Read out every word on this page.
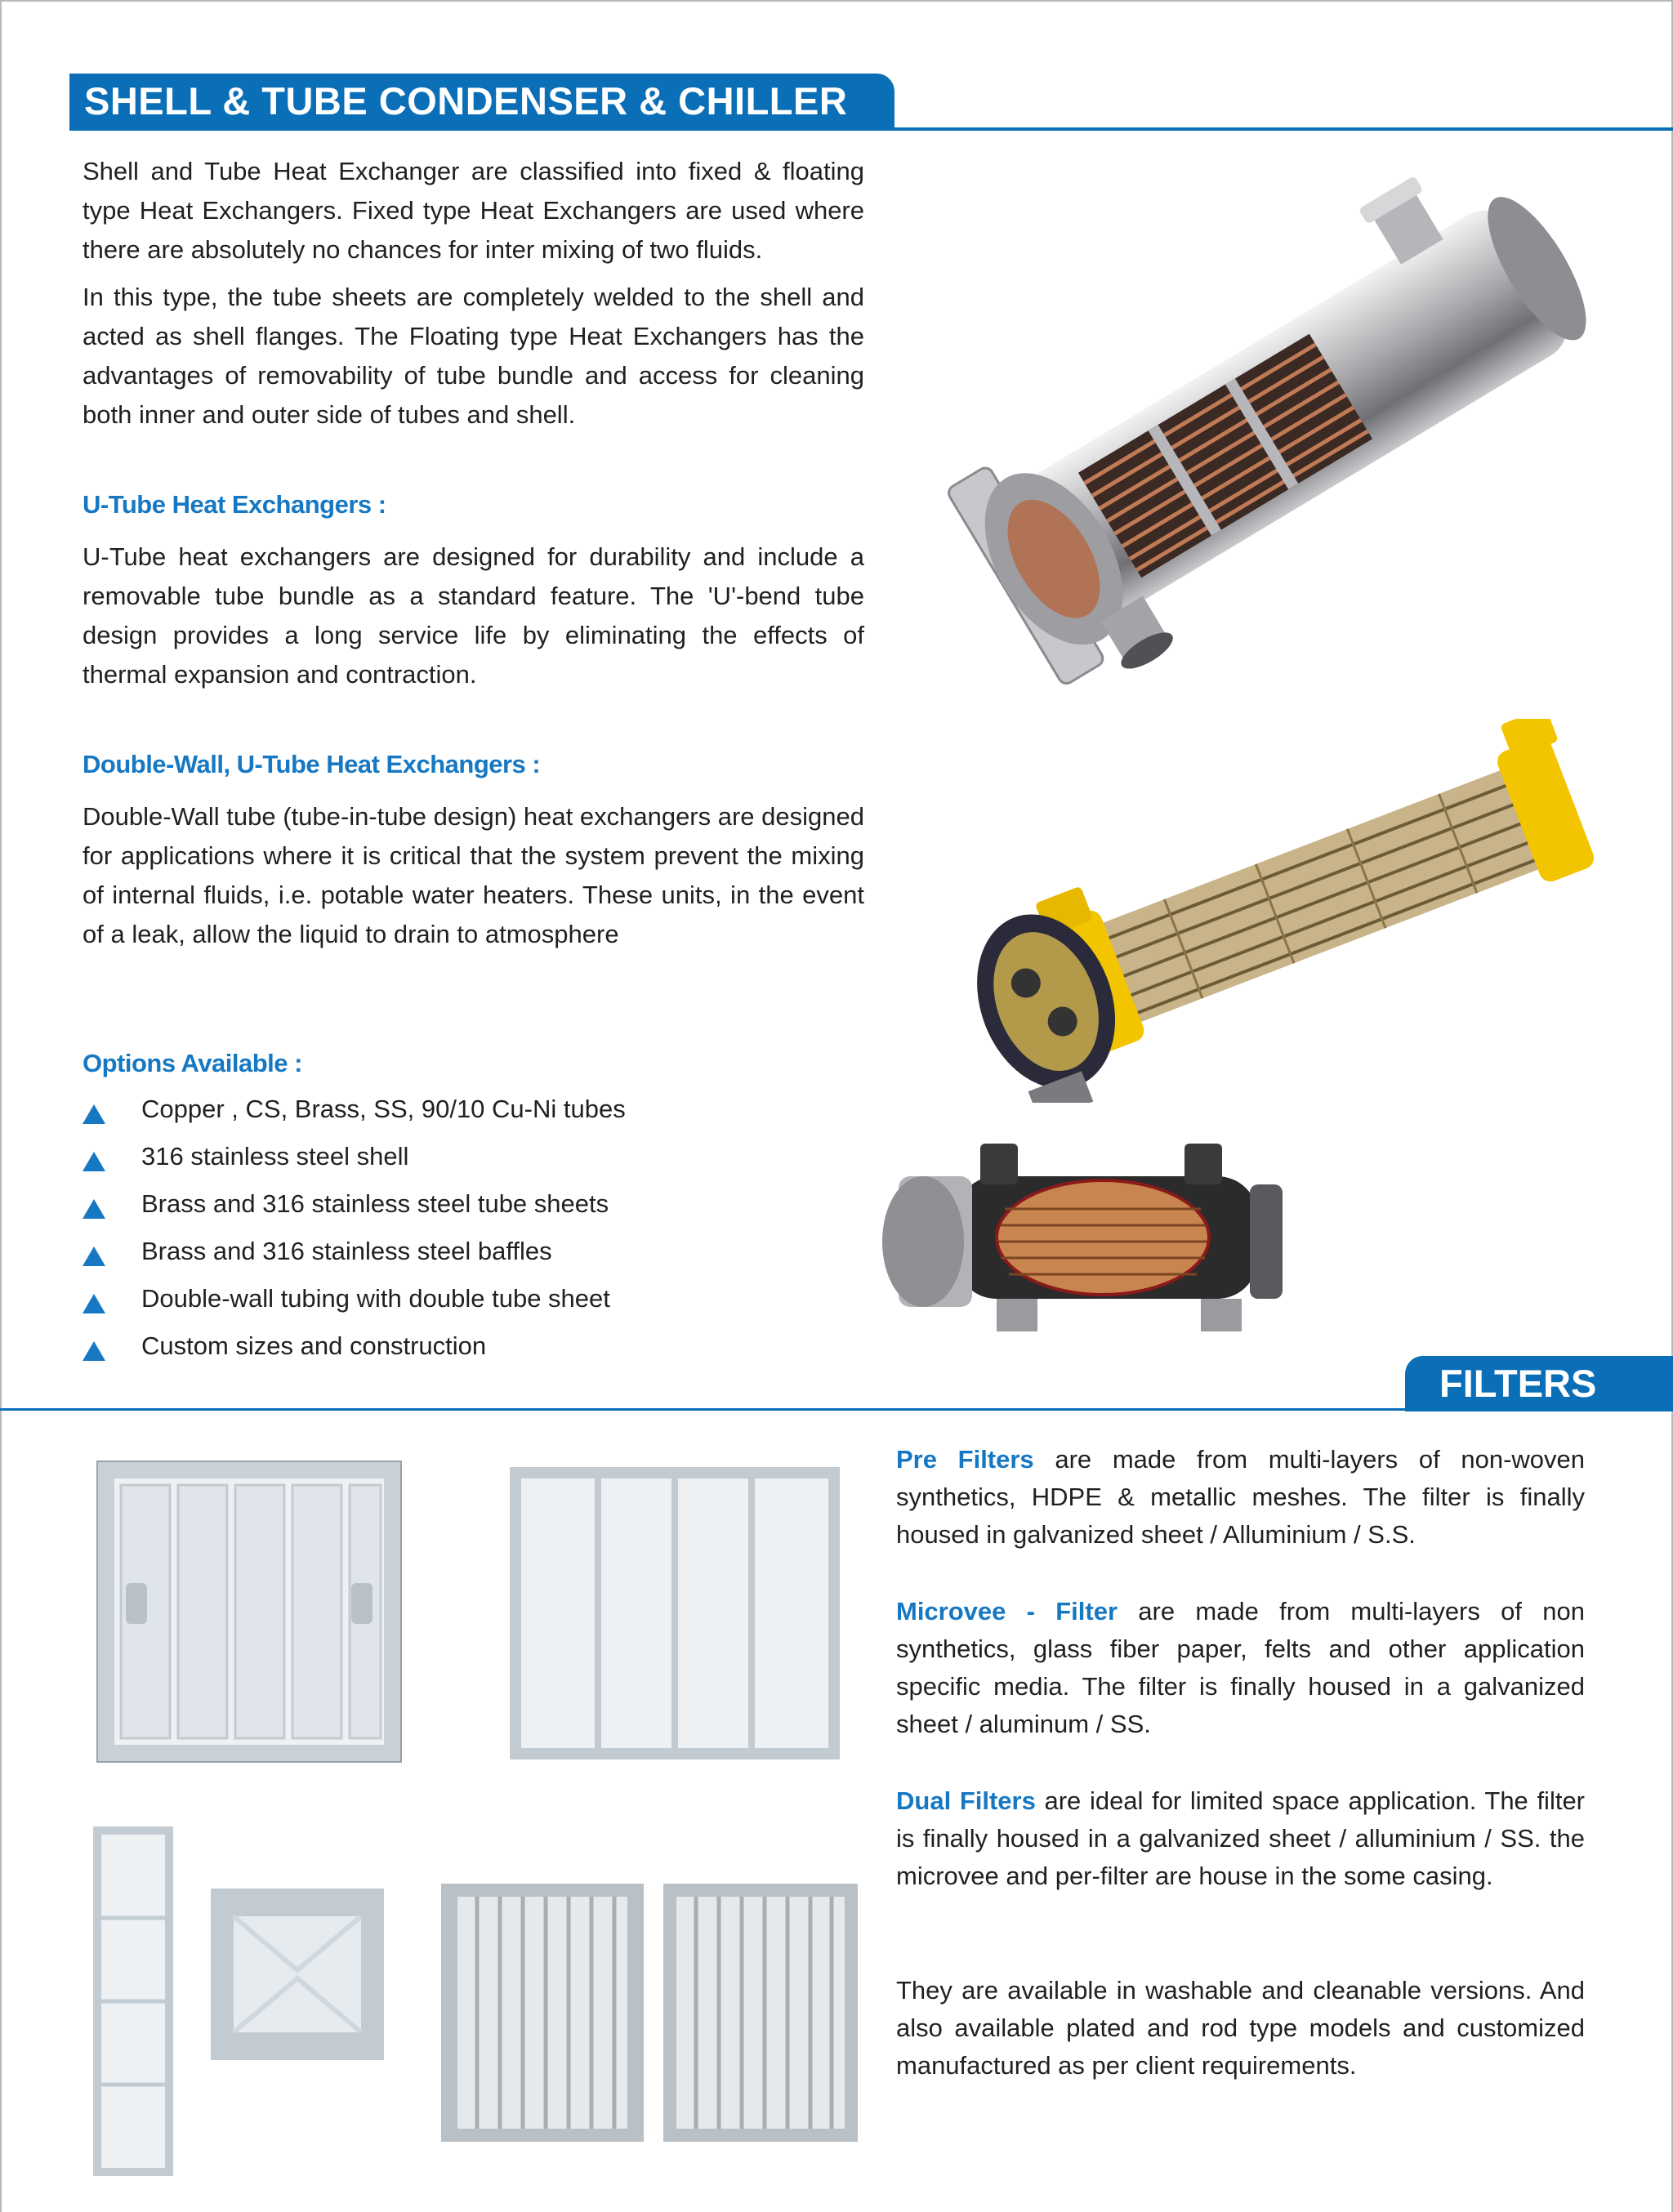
SHELL & TUBE CONDENSER & CHILLER

Shell and Tube Heat Exchanger are classified into fixed & floating type Heat Exchangers. Fixed type Heat Exchangers are used where there are absolutely no chances for inter mixing of two fluids.

In this type, the tube sheets are completely welded to the shell and acted as shell flanges. The Floating type Heat Exchangers has the advantages of removability of tube bundle and access for cleaning both inner and outer side of tubes and shell.

U-Tube Heat Exchangers :

U-Tube heat exchangers are designed for durability and include a removable tube bundle as a standard feature. The 'U'-bend tube design provides a long service life by eliminating the effects of thermal expansion and contraction.

Double-Wall, U-Tube Heat Exchangers :

Double-Wall tube (tube-in-tube design) heat exchangers are designed for applications where it is critical that the system prevent the mixing of internal fluids, i.e. potable water heaters. These units, in the event of a leak, allow the liquid to drain to atmosphere

Options Available :

Copper , CS, Brass, SS, 90/10 Cu-Ni tubes
316 stainless steel shell
Brass and 316 stainless steel tube sheets
Brass and 316 stainless steel baffles
Double-wall tubing with double tube sheet
Custom sizes and construction
FILTERS

Pre Filters are made from multi-layers of non-woven synthetics, HDPE & metallic meshes. The filter is finally housed in galvanized sheet / Alluminium / S.S.

Microvee - Filter are made from multi-layers of non synthetics, glass fiber paper, felts and other application specific media. The filter is finally housed in a galvanized sheet / aluminum / SS.

Dual Filters are ideal for limited space application. The filter is finally housed in a galvanized sheet / alluminium / SS. the microvee and per-filter are house in the some casing.

They are available in washable and cleanable versions. And also available plated and rod type models and customized manufactured as per client requirements.
